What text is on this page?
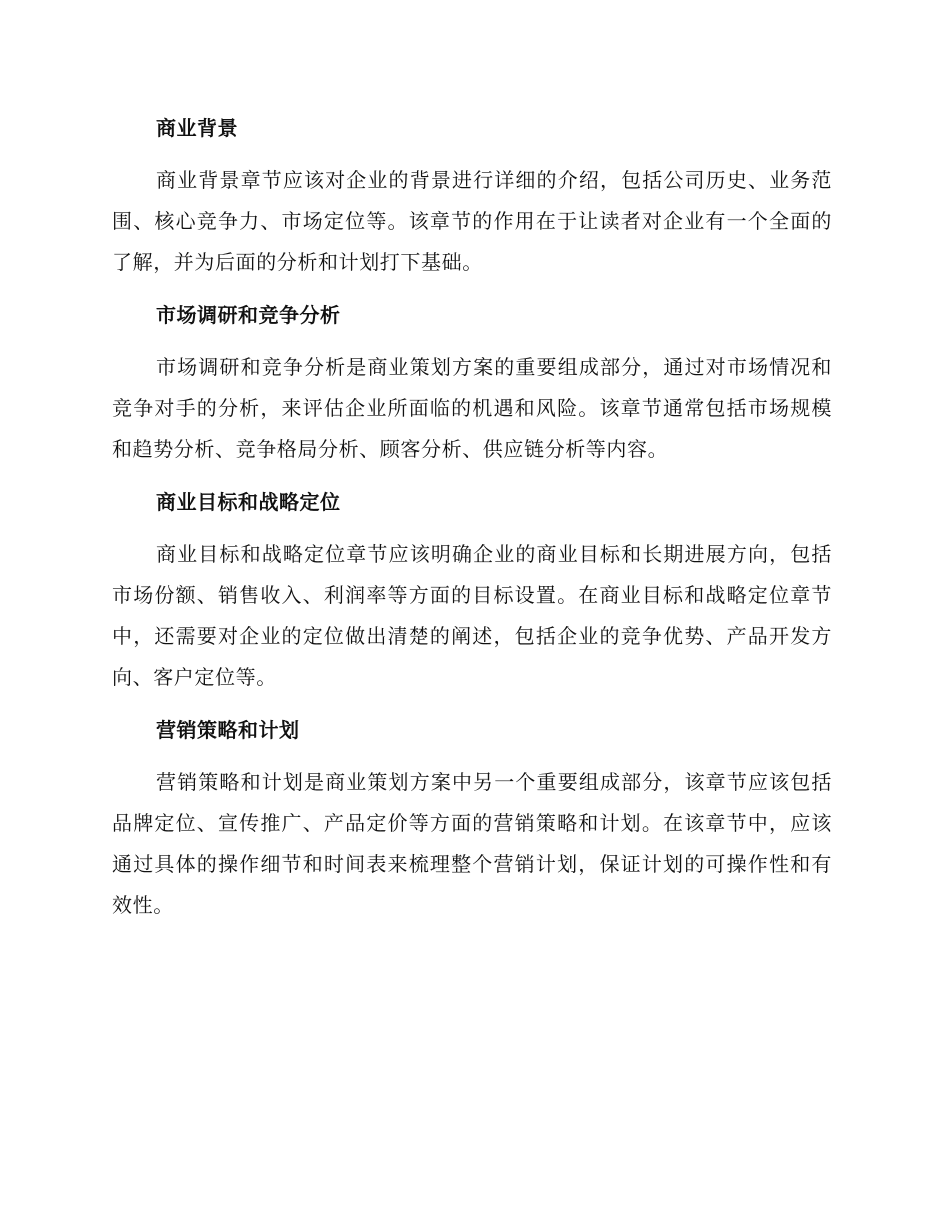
商业背景
商业背景章节应该对企业的背景进行详细的介绍，包括公司历史、业务范围、核心竞争力、市场定位等。该章节的作用在于让读者对企业有一个全面的了解，并为后面的分析和计划打下基础。
市场调研和竞争分析
市场调研和竞争分析是商业策划方案的重要组成部分，通过对市场情况和竞争对手的分析，来评估企业所面临的机遇和风险。该章节通常包括市场规模和趋势分析、竞争格局分析、顾客分析、供应链分析等内容。
商业目标和战略定位
商业目标和战略定位章节应该明确企业的商业目标和长期进展方向，包括市场份额、销售收入、利润率等方面的目标设置。在商业目标和战略定位章节中，还需要对企业的定位做出清楚的阐述，包括企业的竞争优势、产品开发方向、客户定位等。
营销策略和计划
营销策略和计划是商业策划方案中另一个重要组成部分，该章节应该包括品牌定位、宣传推广、产品定价等方面的营销策略和计划。在该章节中，应该通过具体的操作细节和时间表来梳理整个营销计划，保证计划的可操作性和有效性。
